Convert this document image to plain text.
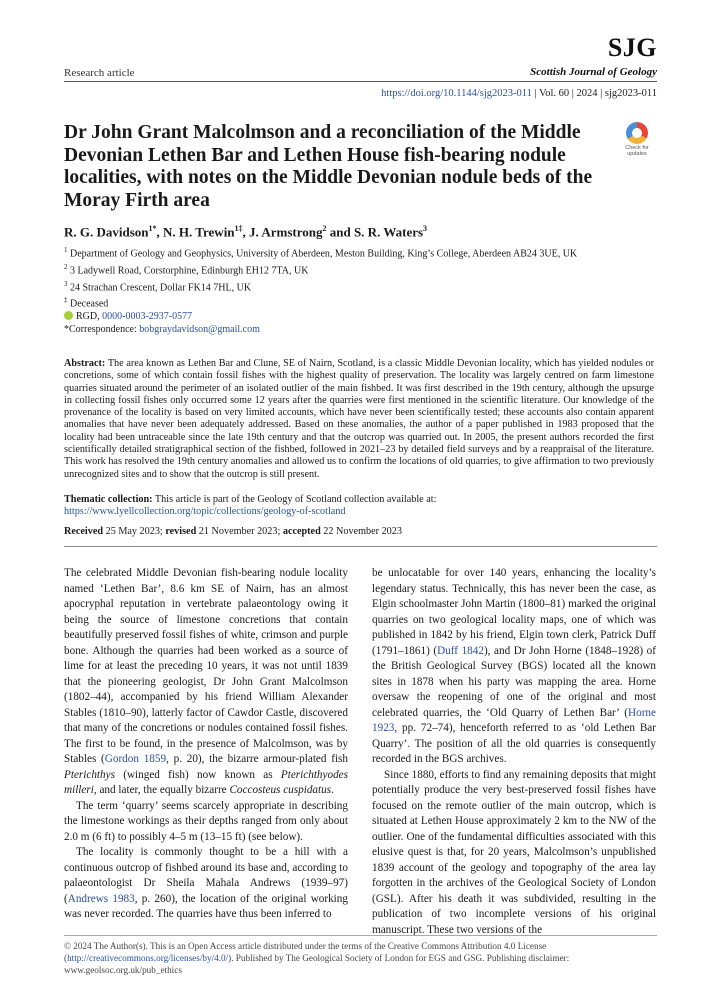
Research article
SJG
Scottish Journal of Geology
https://doi.org/10.1144/sjg2023-011 | Vol. 60 | 2024 | sjg2023-011
Dr John Grant Malcolmson and a reconciliation of the Middle Devonian Lethen Bar and Lethen House fish-bearing nodule localities, with notes on the Middle Devonian nodule beds of the Moray Firth area
Check for updates
R. G. Davidson$^{1*}$, N. H. Trewin$^{1\ddagger}$, J. Armstrong$^2$ and S. R. Waters$^3$
$^1$ Department of Geology and Geophysics, University of Aberdeen, Meston Building, King’s College, Aberdeen AB24 3UE, UK
$^2$ 3 Ladywell Road, Corstorphine, Edinburgh EH12 7TA, UK
$^3$ 24 Strachan Crescent, Dollar FK14 7HL, UK
‡ Deceased
RGD, 0000-0003-2937-0577
*Correspondence: bobgraydavidson@gmail.com
Abstract: The area known as Lethen Bar and Clune, SE of Nairn, Scotland, is a classic Middle Devonian locality, which has yielded nodules or concretions, some of which contain fossil fishes with the highest quality of preservation. The locality was largely centred on farm limestone quarries situated around the perimeter of an isolated outlier of the main fishbed. It was first described in the 19th century, although the upsurge in collecting fossil fishes only occurred some 12 years after the quarries were first mentioned in the scientific literature. Our knowledge of the provenance of the locality is based on very limited accounts, which have never been scientifically tested; these accounts also contain apparent anomalies that have never been adequately addressed. Based on these anomalies, the author of a paper published in 1983 proposed that the locality had been untraceable since the late 19th century and that the outcrop was quarried out. In 2005, the present authors recorded the first scientifically detailed stratigraphical section of the fishbed, followed in 2021–23 by detailed field surveys and by a reappraisal of the literature. This work has resolved the 19th century anomalies and allowed us to confirm the locations of old quarries, to give affirmation to two previously unrecognized sites and to show that the outcrop is still present.
Thematic collection: This article is part of the Geology of Scotland collection available at: https://www.lyellcollection.org/topic/collections/geology-of-scotland
Received 25 May 2023; revised 21 November 2023; accepted 22 November 2023

The celebrated Middle Devonian fish-bearing nodule locality named ‘Lethen Bar’, 8.6 km SE of Nairn, has an almost apocryphal reputation in vertebrate palaeontology owing it being the source of limestone concretions that contain beautifully preserved fossil fishes of white, crimson and purple bone. Although the quarries had been worked as a source of lime for at least the preceding 10 years, it was not until 1839 that the pioneering geologist, Dr John Grant Malcolmson (1802–44), accompanied by his friend William Alexander Stables (1810–90), latterly factor of Cawdor Castle, discovered that many of the concretions or nodules contained fossil fishes. The first to be found, in the presence of Malcolmson, was by Stables (Gordon 1859, p. 20), the bizarre armour-plated fish Pterichthys (winged fish) now known as Pterichthyodes milleri, and later, the equally bizarre Coccosteus cuspidatus.

The term ‘quarry’ seems scarcely appropriate in describing the limestone workings as their depths ranged from only about 2.0 m (6 ft) to possibly 4–5 m (13–15 ft) (see below).

The locality is commonly thought to be a hill with a continuous outcrop of fishbed around its base and, according to palaeontologist Dr Sheila Mahala Andrews (1939–97) (Andrews 1983, p. 260), the location of the original working was never recorded. The quarries have thus been inferred to

be unlocatable for over 140 years, enhancing the locality’s legendary status. Technically, this has never been the case, as Elgin schoolmaster John Martin (1800–81) marked the original quarries on two geological locality maps, one of which was published in 1842 by his friend, Elgin town clerk, Patrick Duff (1791–1861) (Duff 1842), and Dr John Horne (1848–1928) of the British Geological Survey (BGS) located all the known sites in 1878 when his party was mapping the area. Horne oversaw the reopening of one of the original and most celebrated quarries, the ‘Old Quarry of Lethen Bar’ (Horne 1923, pp. 72–74), henceforth referred to as ‘old Lethen Bar Quarry’. The position of all the old quarries is consequently recorded in the BGS archives.

Since 1880, efforts to find any remaining deposits that might potentially produce the very best-preserved fossil fishes have focused on the remote outlier of the main outcrop, which is situated at Lethen House approximately 2 km to the NW of the outlier. One of the fundamental difficulties associated with this elusive quest is that, for 20 years, Malcolmson’s unpublished 1839 account of the geology and topography of the area lay forgotten in the archives of the Geological Society of London (GSL). After his death it was subdivided, resulting in the publication of two incomplete versions of his original manuscript. These two versions of the

© 2024 The Author(s). This is an Open Access article distributed under the terms of the Creative Commons Attribution 4.0 License (http://creativecommons.org/licenses/by/4.0/). Published by The Geological Society of London for EGS and GSG. Publishing disclaimer: www.geolsoc.org.uk/pub_ethics
